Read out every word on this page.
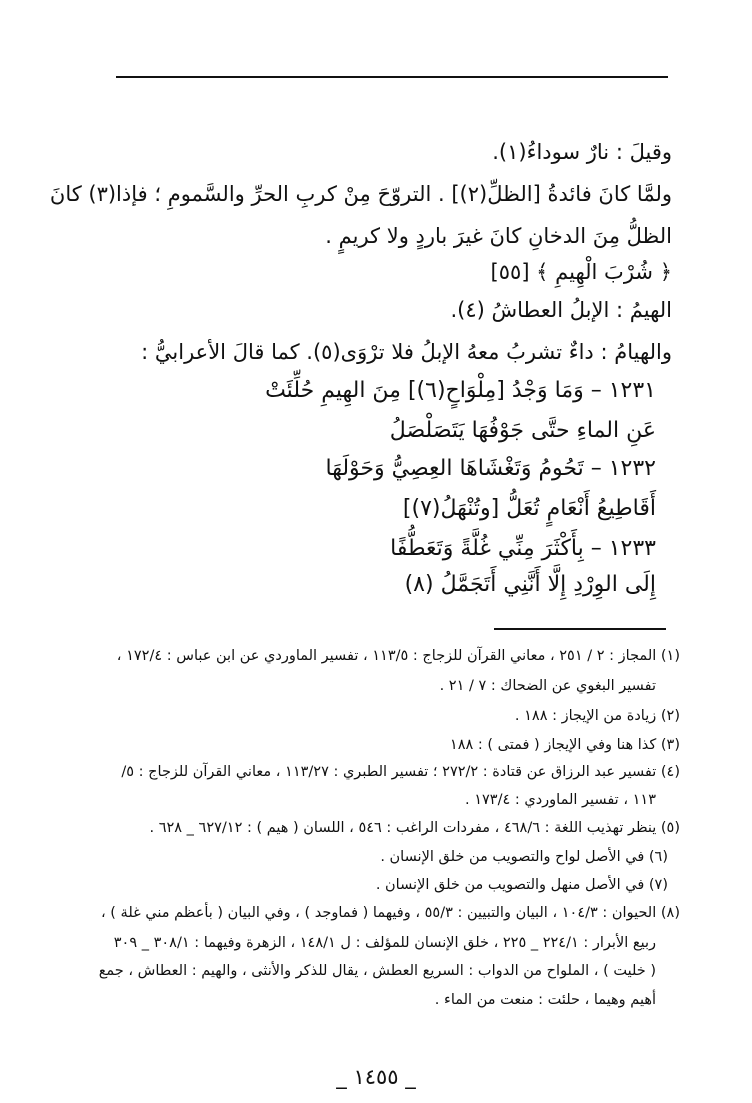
وقيلَ : نارٌ سوداءُ(١).
ولمَّا كانَ فائدةُ [الظلِّ(٢)] . التروّحَ مِنْ كربِ الحرِّ والسَّمومِ ؛ فإذا(٣) كانَ
الظلُّ مِنَ الدخانِ كانَ غيرَ باردٍ ولا كريمٍ .
﴿ شُرْبَ الْهِيمِ ﴾ [٥٥]
الهيمُ : الإبلُ العطاشُ (٤).
والهيامُ : داءٌ تشربُ معهُ الإبلُ فلا ترْوَى(٥). كما قالَ الأعرابيُّ :
١٢٣١ – وَمَا وَجْدُ [مِلْوَاحٍ(٦)] مِنَ الهِيمِ حُلِّئَتْ
عَنِ الماءِ حتَّى جَوْفُهَا يَتَصَلْصَلُ
١٢٣٢ – تَحُومُ وَتَغْشَاهَا العِصِيُّ وَحَوْلَهَا
أَقَاطِيعُ أَنْعَامٍ تُعَلُّ [وتُنْهَلُ(٧)]
١٢٣٣ – بِأَكْثَرَ مِنِّي غُلَّةً وَتَعَطُّفًا
إِلَى الوِرْدِ إِلَّا أَنَّنِي أَتَجَمَّلُ (٨)
(١) المجاز : ٢ / ٢٥١ ، معاني القرآن للزجاج : ١١٣/٥ ، تفسير الماوردي عن ابن عباس : ١٧٢/٤ ،
تفسير البغوي عن الضحاك : ٧ / ٢١ .
(٢) زيادة من الإيجاز : ١٨٨ .
(٣) كذا هنا وفي الإيجاز ( فمتى ) : ١٨٨
(٤) تفسير عبد الرزاق عن قتادة : ٢٧٢/٢ ؛ تفسير الطبري : ١١٣/٢٧ ، معاني القرآن للزجاج : ٥/
١١٣ ، تفسير الماوردي : ١٧٣/٤ .
(٥) ينظر تهذيب اللغة : ٤٦٨/٦ ، مفردات الراغب : ٥٤٦ ، اللسان ( هيم ) : ٦٢٧/١٢ _ ٦٢٨ .
(٦) في الأصل لواح والتصويب من خلق الإنسان .
(٧) في الأصل منهل والتصويب من خلق الإنسان .
(٨) الحيوان : ١٠٤/٣ ، البيان والتبيين : ٥٥/٣ ، وفيهما ( فماوجد ) ، وفي البيان ( بأعظم مني غلة ) ،
ربيع الأبرار : ٢٢٤/١ _ ٢٢٥ ، خلق الإنسان للمؤلف : ل ١٤٨/١ ، الزهرة وفيهما : ٣٠٨/١ _ ٣٠٩
( خليت ) ، الملواح من الدواب : السريع العطش ، يقال للذكر والأنثى ، والهيم : العطاش ، جمع
أهيم وهيما ، حلئت : منعت من الماء .
_ ١٤٥٥ _
